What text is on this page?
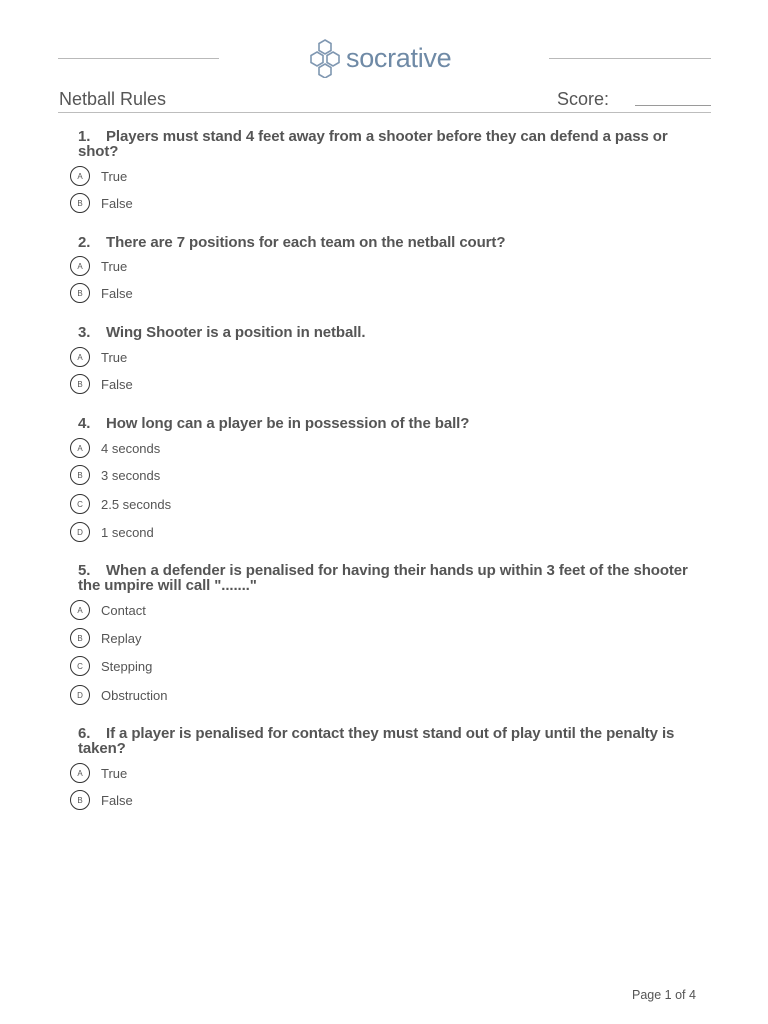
socrative
Netball Rules	Score:
1. Players must stand 4 feet away from a shooter before they can defend a pass or shot?
A	True
B	False
2. There are 7 positions for each team on the netball court?
A	True
B	False
3. Wing Shooter is a position in netball.
A	True
B	False
4. How long can a player be in possession of the ball?
A	4 seconds
B	3 seconds
C	2.5 seconds
D	1 second
5. When a defender is penalised for having their hands up within 3 feet of the shooter the umpire will call "......."
A	Contact
B	Replay
C	Stepping
D	Obstruction
6. If a player is penalised for contact they must stand out of play until the penalty is taken?
A	True
B	False
Page 1 of 4
